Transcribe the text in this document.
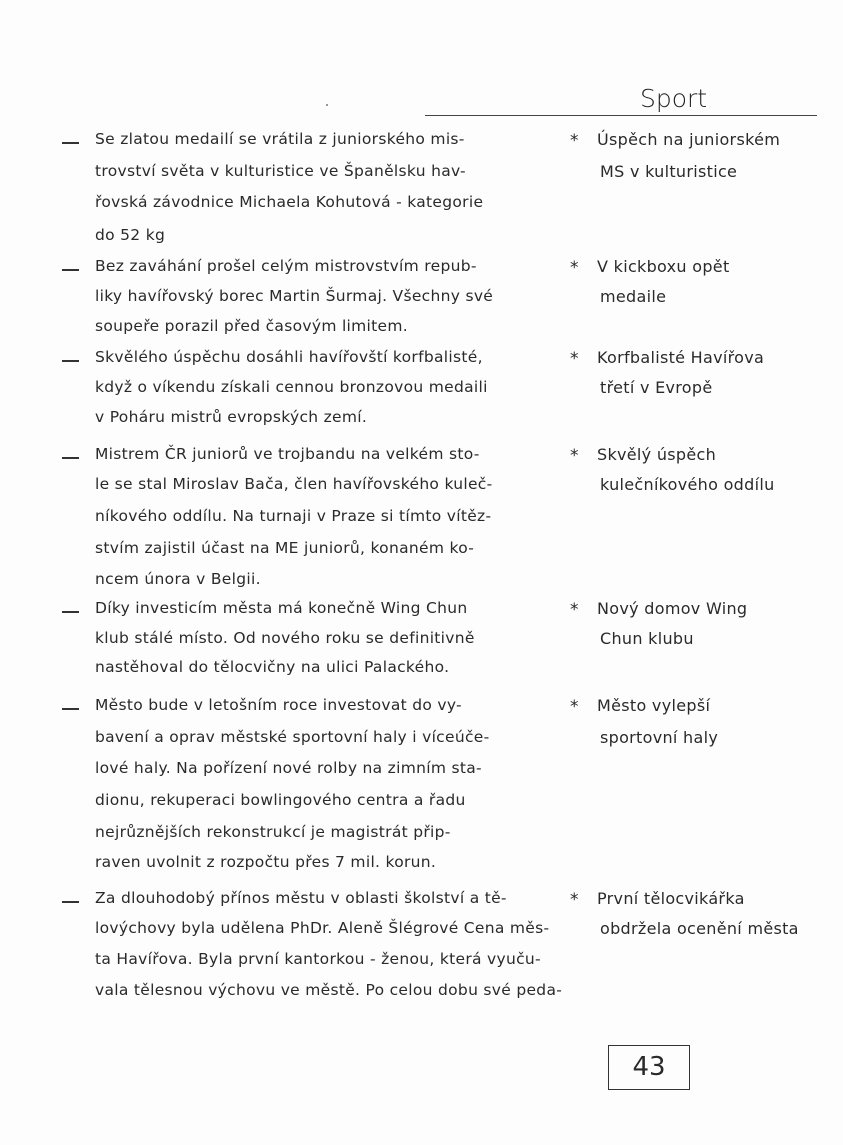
Sport
Se zlatou medailí se vrátila z juniorského mis-
trovství světa v kulturistice ve Španělsku hav-
řovská závodnice Michaela Kohutová - kategorie
do 52 kg
* Úspěch na juniorském
MS v kulturistice
Bez zaváhání prošel celým mistrovstvím repub-
liky havířovský borec Martin Šurmaj. Všechny své
soupeře porazil před časovým limitem.
* V kickboxu opět
medaile
Skvělého úspěchu dosáhli havířovští korfbalisté,
když o víkendu získali cennou bronzovou medaili
v Poháru mistrů evropských zemí.
* Korfbalisté Havířova
třetí v Evropě
Mistrem ČR juniorů ve trojbandu na velkém sto-
le se stal Miroslav Bača, člen havířovského kuleč-
níkového oddílu. Na turnaji v Praze si tímto vítěz-
stvím zajistil účast na ME juniorů, konaném ko-
ncem února v Belgii.
* Skvělý úspěch
kulečníkového oddílu
Díky investicím města má konečně Wing Chun
klub stálé místo. Od nového roku se definitivně
nastěhoval do tělocvičny na ulici Palackého.
* Nový domov Wing
Chun klubu
Město bude v letošním roce investovat do vy-
bavení a oprav městské sportovní haly i víceúče-
lové haly. Na pořízení nové rolby na zimním sta-
dionu, rekuperaci bowlingového centra a řadu
nejrůznějších rekonstrukcí je magistrát přip-
raven uvolnit z rozpočtu přes 7 mil. korun.
* Město vylepší
sportovní haly
Za dlouhodobý přínos městu v oblasti školství a tě-
lovýchovy byla udělena PhDr. Aleně Šlégrové Cena měs-
ta Havířova. Byla první kantorkou - ženou, která vyuču-
vala tělesnou výchovu ve městě. Po celou dobu své peda-
* První tělocvikářka
obdržela ocenění města
43
